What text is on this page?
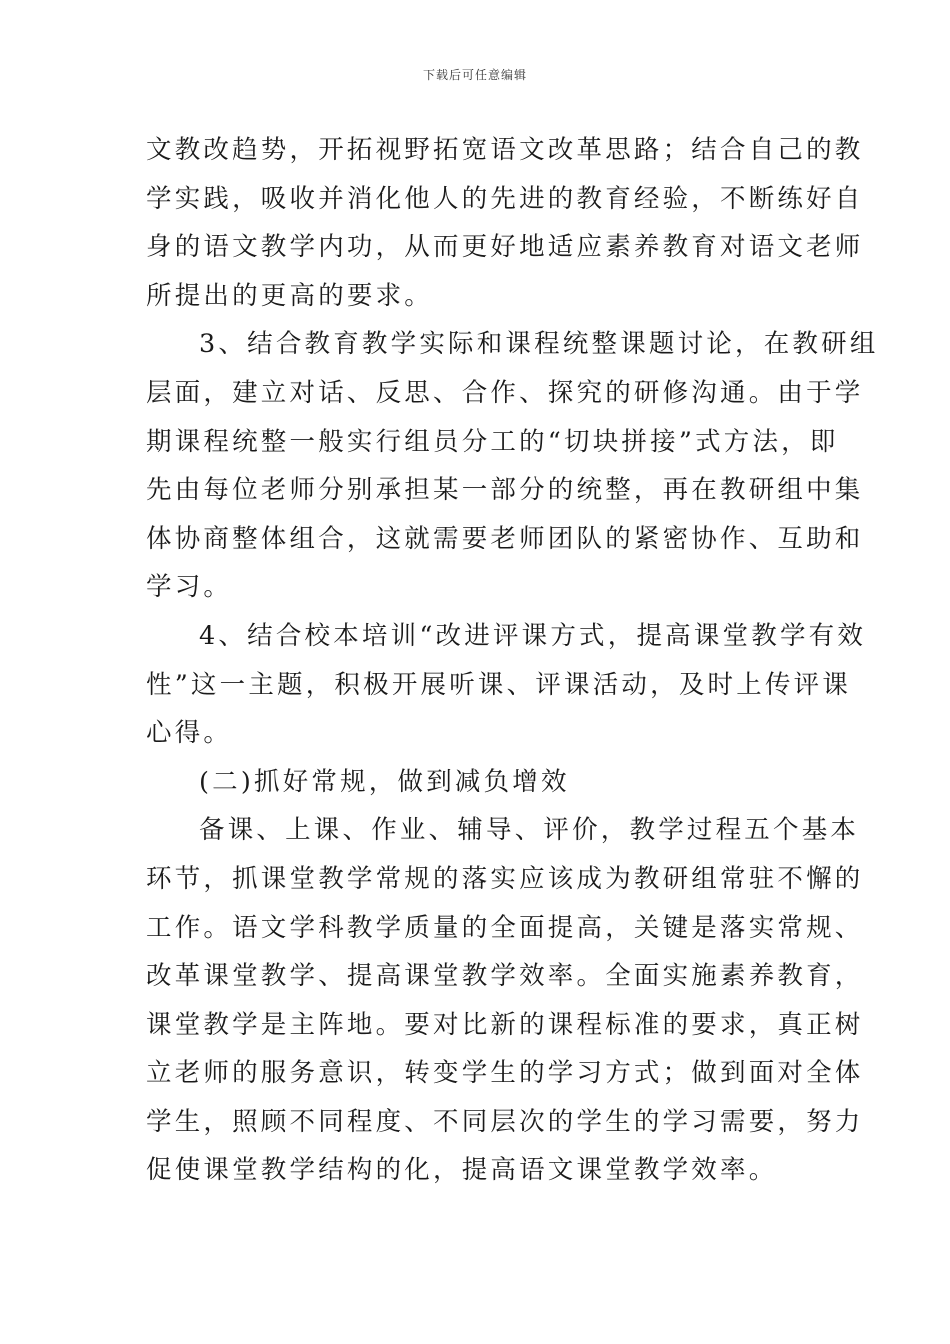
下载后可任意编辑
文教改趋势，开拓视野拓宽语文改革思路；结合自己的教
学实践，吸收并消化他人的先进的教育经验，不断练好自
身的语文教学内功，从而更好地适应素养教育对语文老师
所提出的更高的要求。
3、结合教育教学实际和课程统整课题讨论，在教研组
层面，建立对话、反思、合作、探究的研修沟通。由于学
期课程统整一般实行组员分工的“切块拼接”式方法，即
先由每位老师分别承担某一部分的统整，再在教研组中集
体协商整体组合，这就需要老师团队的紧密协作、互助和
学习。
4、结合校本培训“改进评课方式，提高课堂教学有效
性”这一主题，积极开展听课、评课活动，及时上传评课
心得。
(二)抓好常规，做到减负增效
备课、上课、作业、辅导、评价，教学过程五个基本
环节，抓课堂教学常规的落实应该成为教研组常驻不懈的
工作。语文学科教学质量的全面提高，关键是落实常规、
改革课堂教学、提高课堂教学效率。全面实施素养教育，
课堂教学是主阵地。要对比新的课程标准的要求，真正树
立老师的服务意识，转变学生的学习方式；做到面对全体
学生，照顾不同程度、不同层次的学生的学习需要，努力
促使课堂教学结构的化，提高语文课堂教学效率。
